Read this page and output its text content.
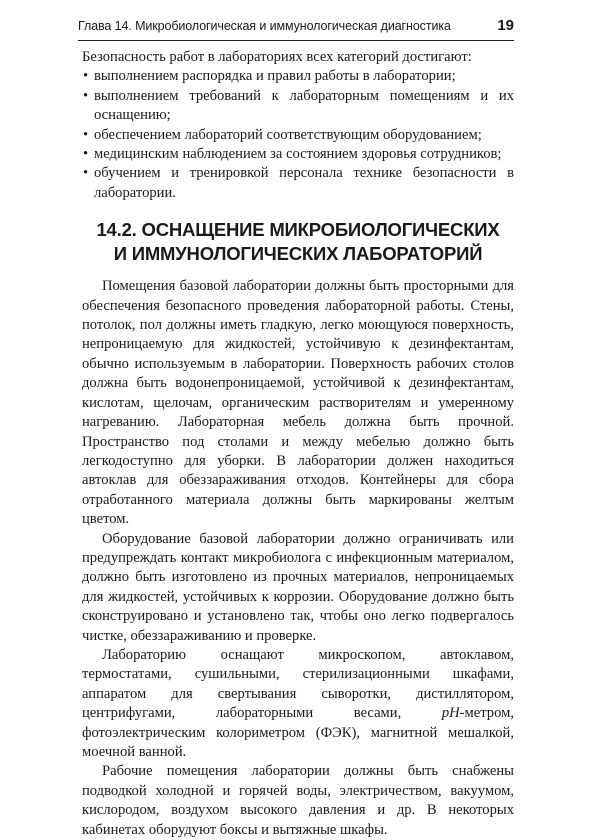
Глава 14. Микробиологическая и иммунологическая диагностика	19

Безопасность работ в лабораториях всех категорий достигают:

• выполнением распорядка и правил работы в лаборатории;
• выполнением требований к лабораторным помещениям и их оснащению;
• обеспечением лабораторий соответствующим оборудованием;
• медицинским наблюдением за состоянием здоровья сотрудников;
• обучением и тренировкой персонала технике безопасности в лаборатории.
14.2. ОСНАЩЕНИЕ МИКРОБИОЛОГИЧЕСКИХ
И ИММУНОЛОГИЧЕСКИХ ЛАБОРАТОРИЙ

Помещения базовой лаборатории должны быть просторными для обеспечения безопасного проведения лабораторной работы. Стены, потолок, пол должны иметь гладкую, легко моющуюся поверхность, непроницаемую для жидкостей, устойчивую к дезинфектантам, обычно используемым в лаборатории. Поверхность рабочих столов должна быть водонепроницаемой, устойчивой к дезинфектантам, кислотам, щелочам, органическим растворителям и умеренному нагреванию. Лабораторная мебель должна быть прочной. Пространство под столами и между мебелью должно быть легкодоступно для уборки. В лаборатории должен находиться автоклав для обеззараживания отходов. Контейнеры для сбора отработанного материала должны быть маркированы желтым цветом.

Оборудование базовой лаборатории должно ограничивать или предупреждать контакт микробиолога с инфекционным материалом, должно быть изготовлено из прочных материалов, непроницаемых для жидкостей, устойчивых к коррозии. Оборудование должно быть сконструировано и установлено так, чтобы оно легко подвергалось чистке, обеззараживанию и проверке.

Лабораторию оснащают микроскопом, автоклавом, термостатами, сушильными, стерилизационными шкафами, аппаратом для свертывания сыворотки, дистиллятором, центрифугами, лабораторными весами, pH-метром, фотоэлектрическим колориметром (ФЭК), магнитной мешалкой, моечной ванной.

Рабочие помещения лаборатории должны быть снабжены подводкой холодной и горячей воды, электричеством, вакуумом, кислородом, воздухом высокого давления и др. В некоторых кабинетах оборудуют боксы и вытяжные шкафы.
